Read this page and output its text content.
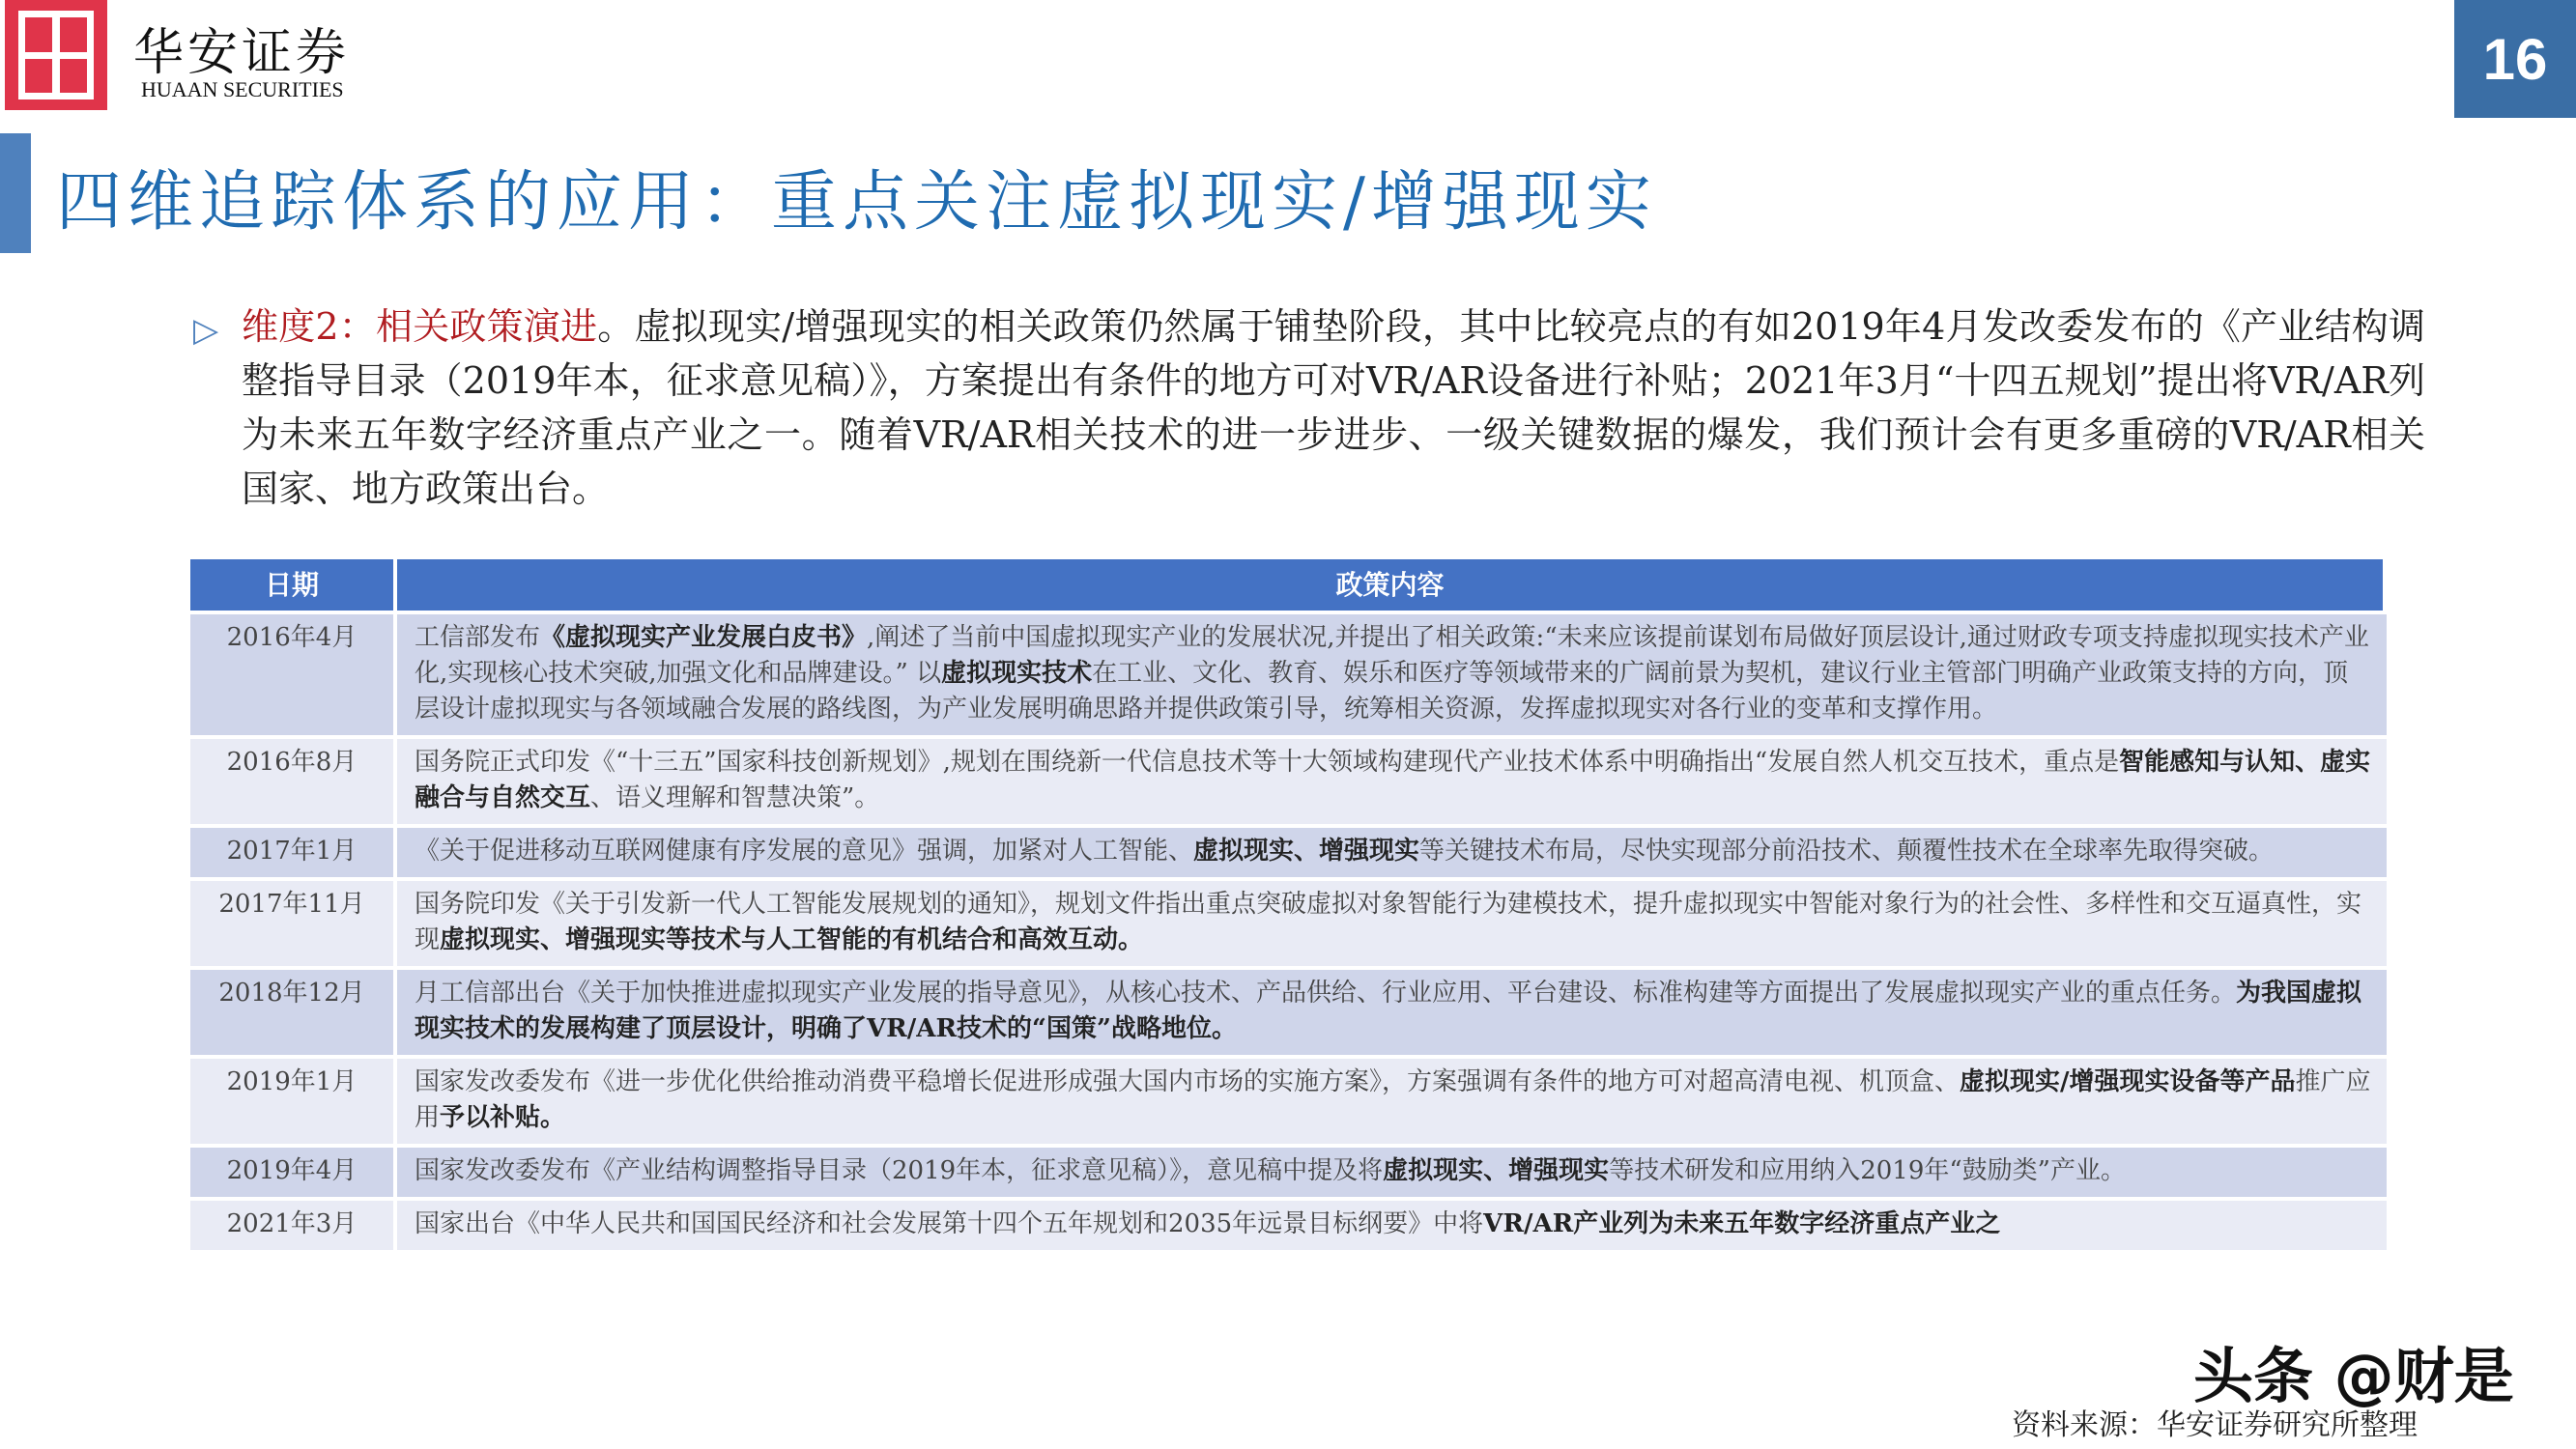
华安证券
HUAAN SECURITIES	16
四维追踪体系的应用：重点关注虚拟现实/增强现实
▷ 维度2：相关政策演进。虚拟现实/增强现实的相关政策仍然属于铺垫阶段，其中比较亮点的有如2019年4月发改委发布的《产业结构调整指导目录（2019年本，征求意见稿）》，方案提出有条件的地方可对VR/AR设备进行补贴；2021年3月“十四五规划”提出将VR/AR列为未来五年数字经济重点产业之一。随着VR/AR相关技术的进一步进步、一级关键数据的爆发，我们预计会有更多重磅的VR/AR相关国家、地方政策出台。
日期	政策内容
2016年4月	工信部发布《虚拟现实产业发展白皮书》,阐述了当前中国虚拟现实产业的发展状况,并提出了相关政策:“未来应该提前谋划布局做好顶层设计,通过财政专项支持虚拟现实技术产业化,实现核心技术突破,加强文化和品牌建设。” 以虚拟现实技术在工业、文化、教育、娱乐和医疗等领域带来的广阔前景为契机，建议行业主管部门明确产业政策支持的方向，顶层设计虚拟现实与各领域融合发展的路线图，为产业发展明确思路并提供政策引导，统筹相关资源，发挥虚拟现实对各行业的变革和支撑作用。
2016年8月	国务院正式印发《“十三五”国家科技创新规划》,规划在围绕新一代信息技术等十大领域构建现代产业技术体系中明确指出“发展自然人机交互技术，重点是智能感知与认知、虚实融合与自然交互、语义理解和智慧决策”。
2017年1月	《关于促进移动互联网健康有序发展的意见》强调，加紧对人工智能、虚拟现实、增强现实等关键技术布局，尽快实现部分前沿技术、颠覆性技术在全球率先取得突破。
2017年11月	国务院印发《关于引发新一代人工智能发展规划的通知》，规划文件指出重点突破虚拟对象智能行为建模技术，提升虚拟现实中智能对象行为的社会性、多样性和交互逼真性，实现虚拟现实、增强现实等技术与人工智能的有机结合和高效互动。
2018年12月	月工信部出台《关于加快推进虚拟现实产业发展的指导意见》，从核心技术、产品供给、行业应用、平台建设、标准构建等方面提出了发展虚拟现实产业的重点任务。为我国虚拟现实技术的发展构建了顶层设计，明确了VR/AR技术的“国策”战略地位。
2019年1月	国家发改委发布《进一步优化供给推动消费平稳增长促进形成强大国内市场的实施方案》，方案强调有条件的地方可对超高清电视、机顶盒、虚拟现实/增强现实设备等产品推广应用予以补贴。
2019年4月	国家发改委发布《产业结构调整指导目录（2019年本，征求意见稿）》，意见稿中提及将虚拟现实、增强现实等技术研发和应用纳入2019年“鼓励类”产业。
2021年3月	国家出台《中华人民共和国国民经济和社会发展第十四个五年规划和2035年远景目标纲要》中将VR/AR产业列为未来五年数字经济重点产业之
头条 @财是
资料来源：华安证券研究所整理
